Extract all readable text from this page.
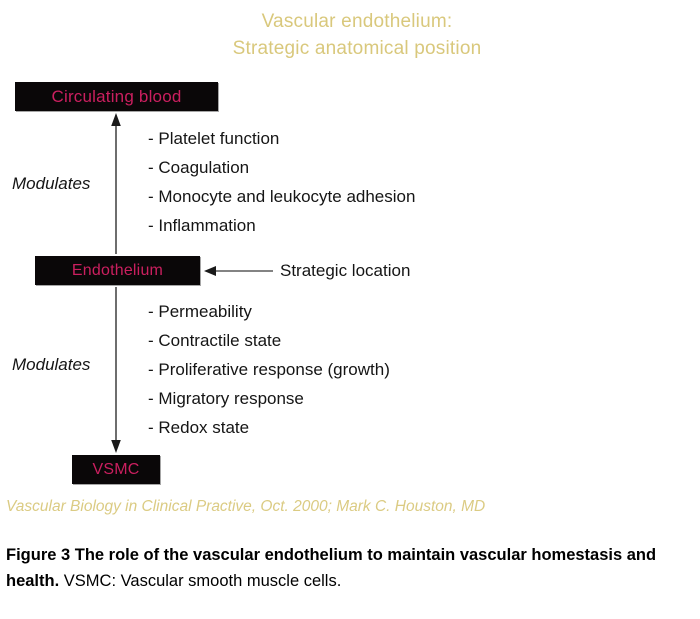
Vascular endothelium:
Strategic anatomical position
Circulating blood
Modulates
- Platelet function
- Coagulation
- Monocyte and leukocyte adhesion
- Inflammation
Endothelium	Strategic location
Modulates
- Permeability
- Contractile state
- Proliferative response (growth)
- Migratory response
- Redox state
VSMC
Vascular Biology in Clinical Practive, Oct. 2000; Mark C. Houston, MD
Figure 3 The role of the vascular endothelium to maintain vascular homestasis and health. VSMC: Vascular smooth muscle cells.
